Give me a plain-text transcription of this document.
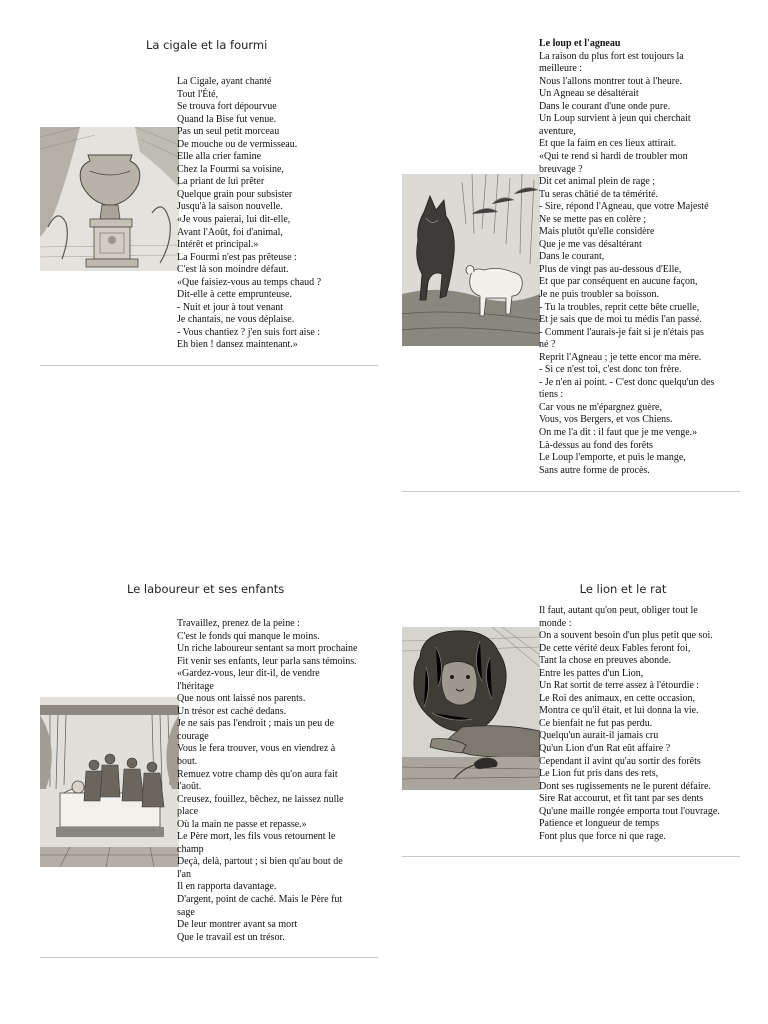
La cigale et la fourmi
La Cigale, ayant chanté
Tout l'Été,
Se trouva fort dépourvue
Quand la Bise fut venue.
Pas un seul petit morceau
De mouche ou de vermisseau.
Elle alla crier famine
Chez la Fourmi sa voisine,
La priant de lui prêter
Quelque grain pour subsister
Jusqu'à la saison nouvelle.
«Je vous paierai, lui dit-elle,
Avant l'Août, foi d'animal,
Intérêt et principal.»
La Fourmi n'est pas prêteuse :
C'est là son moindre défaut.
«Que faisiez-vous au temps chaud ?
Dit-elle à cette emprunteuse.
- Nuit et jour à tout venant
Je chantais, ne vous déplaise.
- Vous chantiez ? j'en suis fort aise :
Eh bien ! dansez maintenant.»
Le loup et l'agneau
La raison du plus fort est toujours la
meilleure :
Nous l'allons montrer tout à l'heure.
Un Agneau se désaltérait
Dans le courant d'une onde pure.
Un Loup survient à jeun qui cherchait
aventure,
Et que la faim en ces lieux attirait.
«Qui te rend si hardi de troubler mon
breuvage ?
Dit cet animal plein de rage ;
Tu seras châtié de ta témérité.
- Sire, répond l'Agneau, que votre Majesté
Ne se mette pas en colère ;
Mais plutôt qu'elle considère
Que je me vas désaltérant
Dans le courant,
Plus de vingt pas au-dessous d'Elle,
Et que par conséquent en aucune façon,
Je ne puis troubler sa boisson.
- Tu la troubles, reprit cette bête cruelle,
Et je sais que de moi tu médis l'an passé.
- Comment l'aurais-je fait si je n'étais pas
né ?
Reprit l'Agneau ; je tette encor ma mère.
- Si ce n'est toi, c'est donc ton frère.
- Je n'en ai point. - C'est donc quelqu'un des
tiens :
Car vous ne m'épargnez guère,
Vous, vos Bergers, et vos Chiens.
On me l'a dit : il faut que je me venge.»
Là-dessus au fond des forêts
Le Loup l'emporte, et puis le mange,
Sans autre forme de procès.
Le laboureur et ses enfants
Travaillez, prenez de la peine :
C'est le fonds qui manque le moins.
Un riche laboureur sentant sa mort prochaine
Fit venir ses enfants, leur parla sans témoins.
«Gardez-vous, leur dit-il, de vendre
l'héritage
Que nous ont laissé nos parents.
Un trésor est caché dedans.
Je ne sais pas l'endroit ; mais un peu de
courage
Vous le fera trouver, vous en viendrez à
bout.
Remuez votre champ dès qu'on aura fait
l'août.
Creusez, fouillez, bêchez, ne laissez nulle
place
Où la main ne passe et repasse.»
Le Père mort, les fils vous retournent le
champ
Deçà, delà, partout ; si bien qu'au bout de
l'an
Il en rapporta davantage.
D'argent, point de caché. Mais le Père fut
sage
De leur montrer avant sa mort
Que le travail est un trésor.
Le lion et le rat
Il faut, autant qu'on peut, obliger tout le
monde :
On a souvent besoin d'un plus petit que soi.
De cette vérité deux Fables feront foi,
Tant la chose en preuves abonde.
Entre les pattes d'un Lion,
Un Rat sortit de terre assez à l'étourdie :
Le Roi des animaux, en cette occasion,
Montra ce qu'il était, et lui donna la vie.
Ce bienfait ne fut pas perdu.
Quelqu'un aurait-il jamais cru
Qu'un Lion d'un Rat eût affaire ?
Cependant il avint qu'au sortir des forêts
Le Lion fut pris dans des rets,
Dont ses rugissements ne le purent défaire.
Sire Rat accourut, et fit tant par ses dents
Qu'une maille rongée emporta tout l'ouvrage.
Patience et longueur de temps
Font plus que force ni que rage.
